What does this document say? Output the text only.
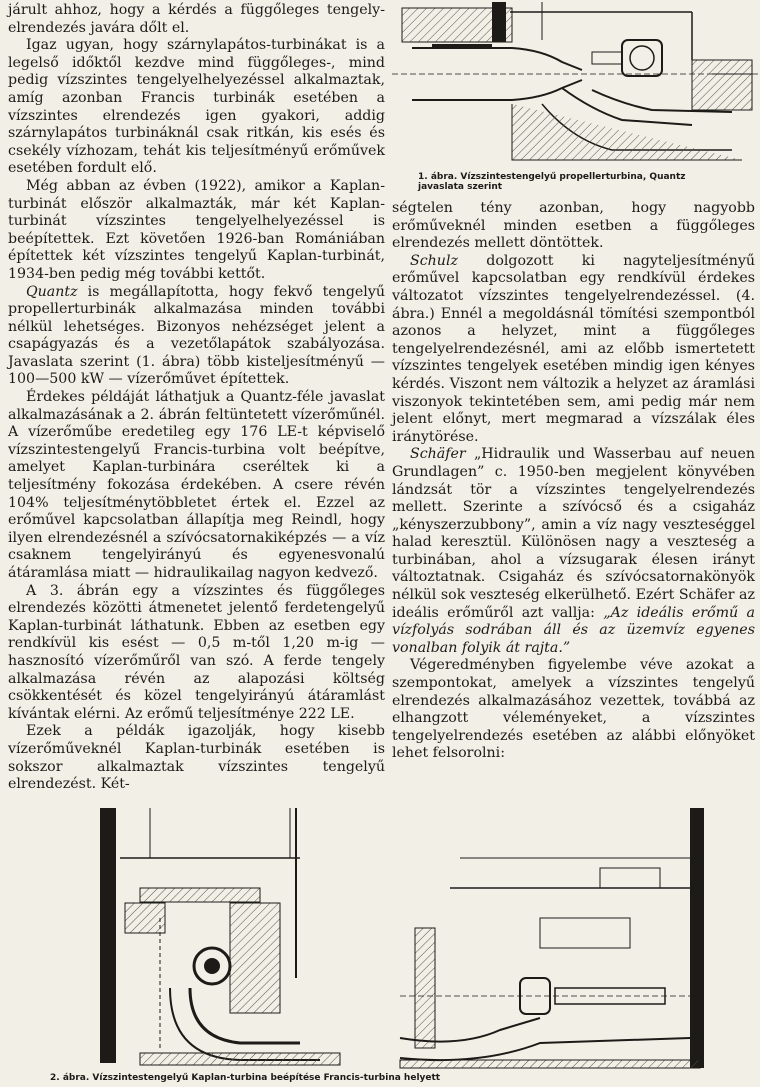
járult ahhoz, hogy a kérdés a függőleges tengely-elrendezés javára dőlt el.

Igaz ugyan, hogy szárnylapátos-turbinákat is a legelső időktől kezdve mind függőleges-, mind pedig vízszintes tengelyelhelyezéssel alkalmaztak, amíg azonban Francis turbinák esetében a vízszintes elrendezés igen gyakori, addig szárnylapátos turbináknál csak ritkán, kis esés és csekély vízhozam, tehát kis teljesítményű erőművek esetében fordult elő.

Még abban az évben (1922), amikor a Kaplan-turbinát először alkalmazták, már két Kaplan-turbinát vízszintes tengelyelhelyezéssel is beépítettek. Ezt követően 1926-ban Romániában építettek két vízszintes tengelyű Kaplan-turbinát, 1934-ben pedig még további kettőt.

Quantz is megállapította, hogy fekvő tengelyű propellerturbinák alkalmazása minden további nélkül lehetséges. Bizonyos nehézséget jelent a csapágyazás és a vezetőlapátok szabályozása. Javaslata szerint (1. ábra) több kisteljesítményű — 100—500 kW — vízerőművet építettek.

Érdekes példáját láthatjuk a Quantz-féle javaslat alkalmazásának a 2. ábrán feltüntetett vízerőműnél. A vízerőműbe eredetileg egy 176 LE-t képviselő vízszintestengelyű Francis-turbina volt beépítve, amelyet Kaplan-turbinára cseréltek ki a teljesítmény fokozása érdekében. A csere révén 104% teljesítménytöbbletet értek el. Ezzel az erőművel kapcsolatban állapítja meg Reindl, hogy ilyen elrendezésnél a szívócsatornakiképzés — a víz csaknem tengelyirányú és egyenesvonalú átáramlása miatt — hidraulikailag nagyon kedvező.

A 3. ábrán egy a vízszintes és függőleges elrendezés közötti átmenetet jelentő ferdetengelyű Kaplan-turbinát láthatunk. Ebben az esetben egy rendkívül kis esést — 0,5 m-től 1,20 m-ig — hasznosító vízerőműről van szó. A ferde tengely alkalmazása révén az alapozási költség csökkentését és közel tengelyirányú átáramlást kívántak elérni. Az erőmű teljesítménye 222 LE.

Ezek a példák igazolják, hogy kisebb vízerőműveknél Kaplan-turbinák esetében is sokszor alkalmaztak vízszintes tengelyű elrendezést. Két-

1. ábra. Vízszintestengelyű propellerturbina, Quantz javaslata szerint

ségtelen tény azonban, hogy nagyobb erőműveknél minden esetben a függőleges elrendezés mellett döntöttek.

Schulz dolgozott ki nagyteljesítményű erőművel kapcsolatban egy rendkívül érdekes változatot vízszintes tengelyelrendezéssel. (4. ábra.) Ennél a megoldásnál tömítési szempontból azonos a helyzet, mint a függőleges tengelyelrendezésnél, ami az előbb ismertetett vízszintes tengelyek esetében mindig igen kényes kérdés. Viszont nem változik a helyzet az áramlási viszonyok tekintetében sem, ami pedig már nem jelent előnyt, mert megmarad a vízszálak éles iránytörése.

Schäfer „Hidraulik und Wasserbau auf neuen Grundlagen” c. 1950-ben megjelent könyvében lándzsát tör a vízszintes tengelyelrendezés mellett. Szerinte a szívócső és a csigaház „kényszerzubbony”, amin a víz nagy veszteséggel halad keresztül. Különösen nagy a veszteség a turbinában, ahol a vízsugarak élesen irányt változtatnak. Csigaház és szívócsatornakönyök nélkül sok veszteség elkerülhető. Ezért Schäfer az ideális erőműről azt vallja: „Az ideális erőmű a vízfolyás sodrában áll és az üzemvíz egyenes vonalban folyik át rajta.”

Végeredményben figyelembe véve azokat a szempontokat, amelyek a vízszintes tengelyű elrendezés alkalmazásához vezettek, továbbá az elhangzott véleményeket, a vízszintes tengelyelrendezés esetében az alábbi előnyöket lehet felsorolni:

2. ábra. Vízszintestengelyű Kaplan-turbina beépítése Francis-turbina helyett
